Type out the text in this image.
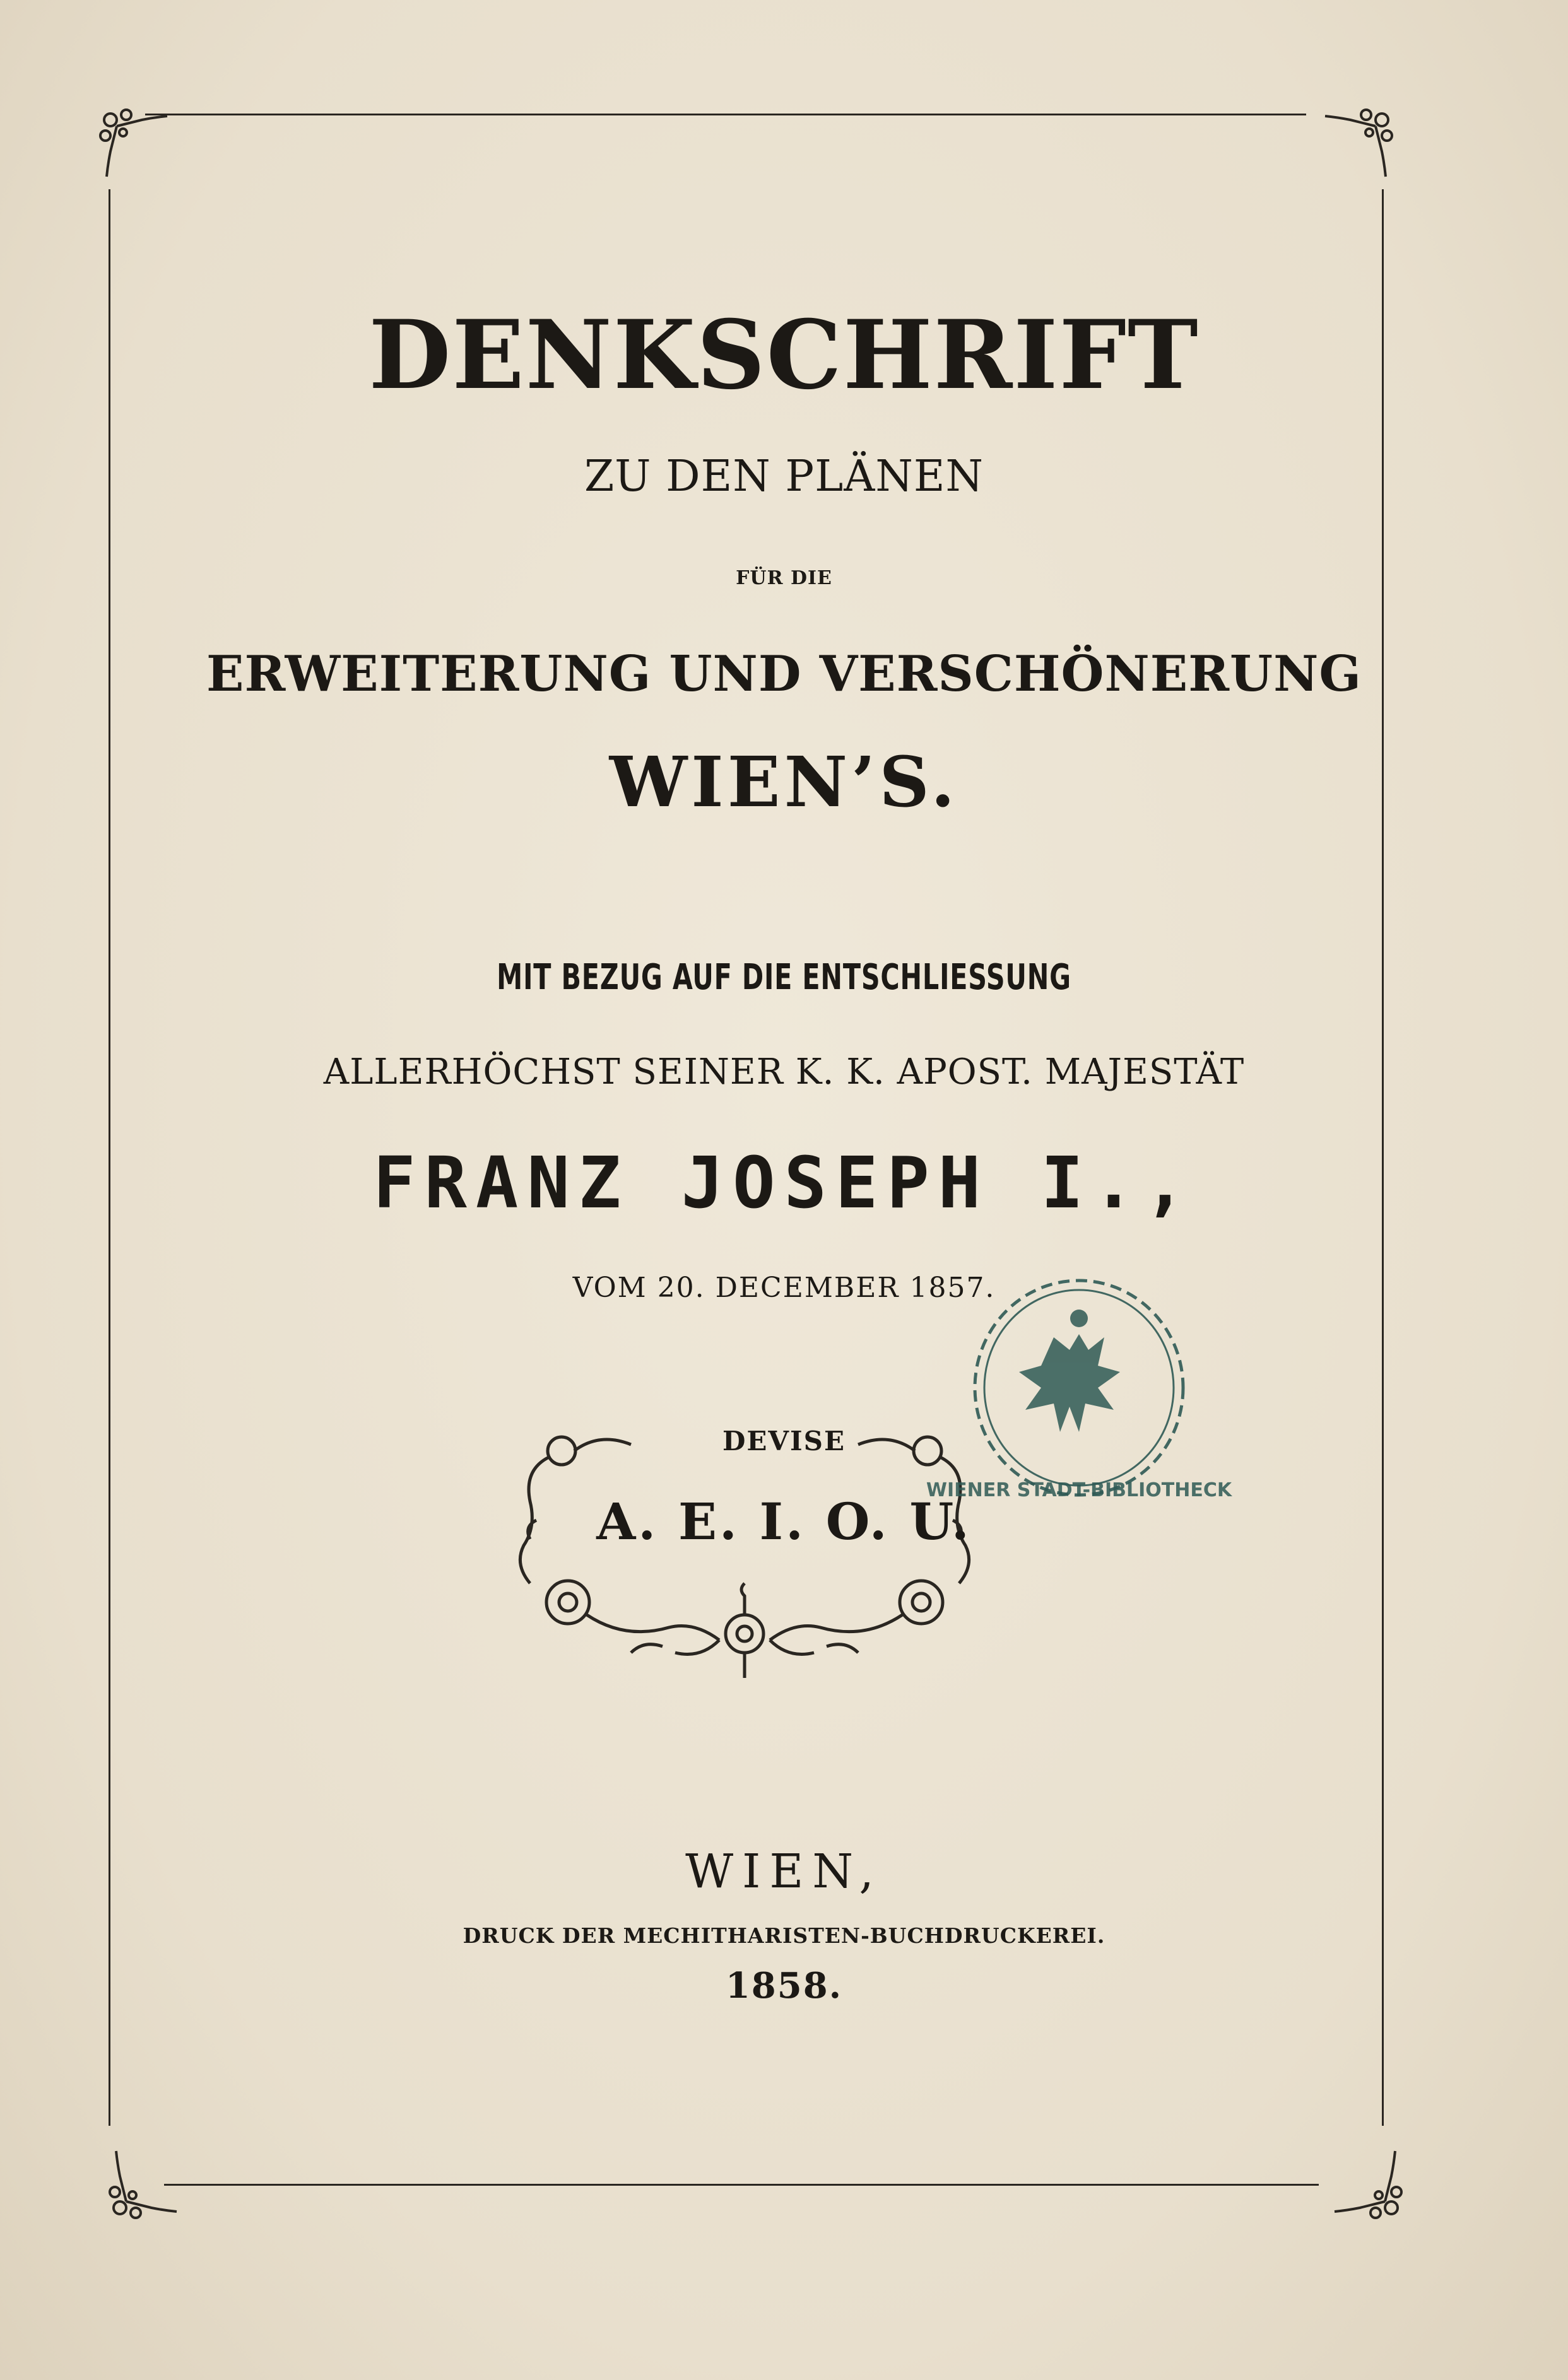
DENKSCHRIFT
ZU DEN PLÄNEN
FÜR DIE
ERWEITERUNG UND VERSCHÖNERUNG
WIEN’S.
MIT BEZUG AUF DIE ENTSCHLIESSUNG
ALLERHÖCHST SEINER K. K. APOST. MAJESTÄT
FRANZ JOSEPH I.,
VOM 20. DECEMBER 1857.
DEVISE
A. E. I. O. U.
WIENER STADT-BIBLIOTHECK
WIEN,
DRUCK DER MECHITHARISTEN-BUCHDRUCKEREI.
1858.
